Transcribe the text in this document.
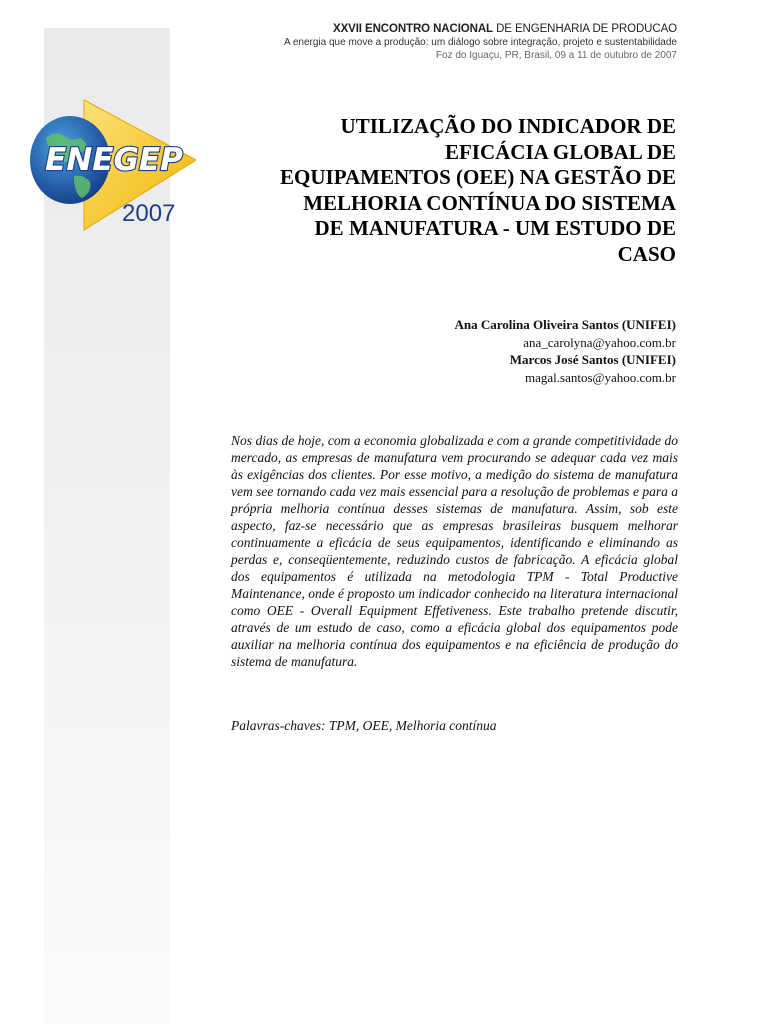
ENEGEP
2007
XXVII ENCONTRO NACIONAL DE ENGENHARIA DE PRODUCAO
A energia que move a produção: um diálogo sobre integração, projeto e sustentabilidade
Foz do Iguaçu, PR, Brasil, 09 a 11 de outubro de 2007
UTILIZAÇÃO DO INDICADOR DE
EFICÁCIA GLOBAL DE
EQUIPAMENTOS (OEE) NA GESTÃO DE
MELHORIA CONTÍNUA DO SISTEMA
DE MANUFATURA - UM ESTUDO DE
CASO
Ana Carolina Oliveira Santos (UNIFEI)
ana_carolyna@yahoo.com.br
Marcos José Santos (UNIFEI)
magal.santos@yahoo.com.br

Nos dias de hoje, com a economia globalizada e com a grande competitividade do mercado, as empresas de manufatura vem procurando se adequar cada vez mais às exigências dos clientes. Por esse motivo, a medição do sistema de manufatura vem see tornando cada vez mais essencial para a resolução de problemas e para a própria melhoria contínua desses sistemas de manufatura. Assim, sob este aspecto, faz-se necessário que as empresas brasileiras busquem melhorar continuamente a eficácia de seus equipamentos, identificando e eliminando as perdas e, conseqüentemente, reduzindo custos de fabricação. A eficácia global dos equipamentos é utilizada na metodologia TPM - Total Productive Maintenance, onde é proposto um indicador conhecido na literatura internacional como OEE - Overall Equipment Effetiveness. Este trabalho pretende discutir, através de um estudo de caso, como a eficácia global dos equipamentos pode auxiliar na melhoria contínua dos equipamentos e na eficiência de produção do sistema de manufatura.

Palavras-chaves: TPM, OEE, Melhoria contínua
